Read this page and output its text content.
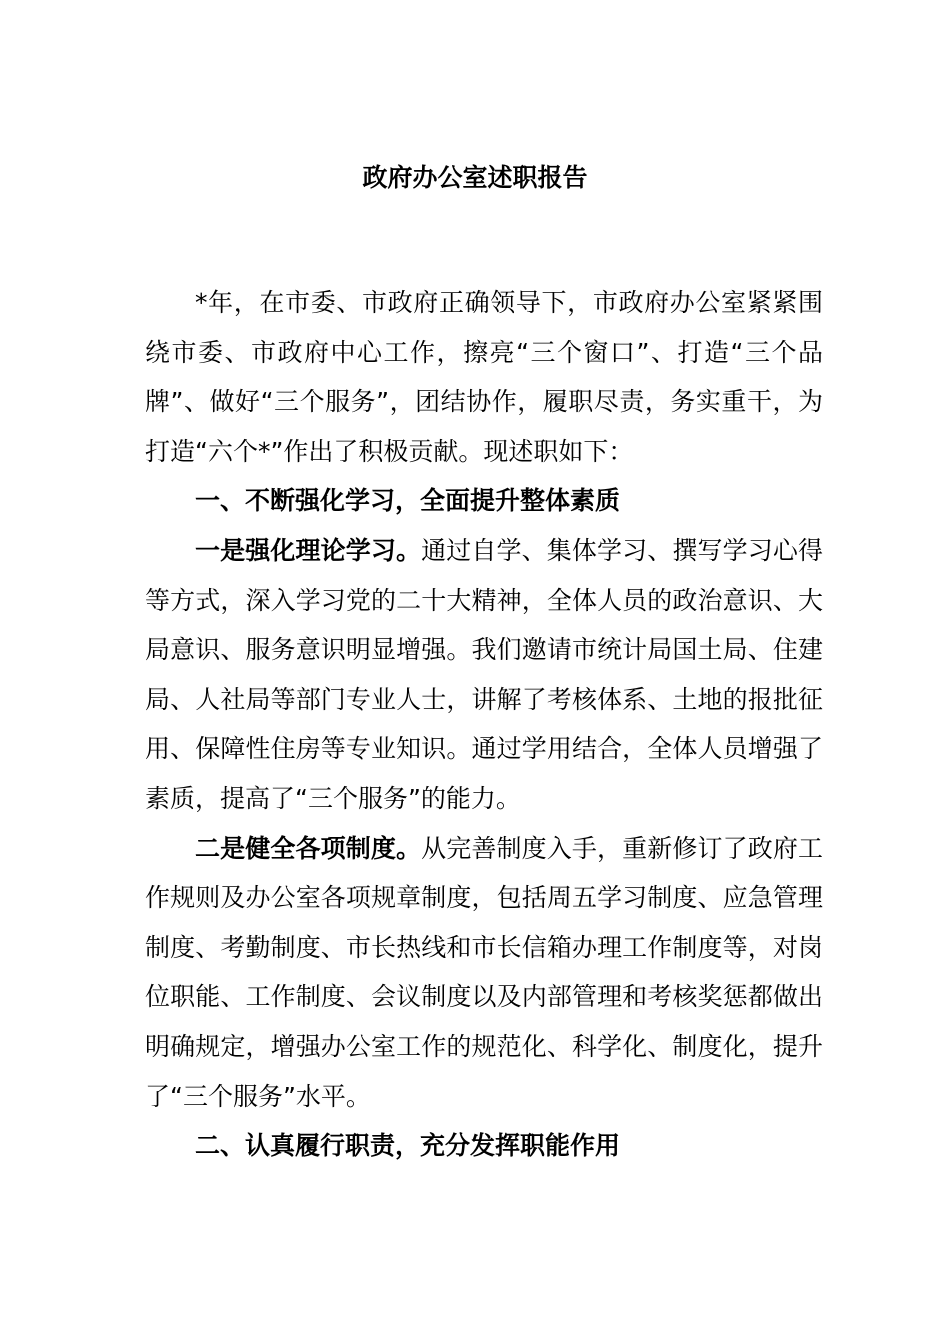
政府办公室述职报告

*年，在市委、市政府正确领导下，市政府办公室紧紧围绕市委、市政府中心工作，擦亮“三个窗口”、打造“三个品牌”、做好“三个服务”，团结协作，履职尽责，务实重干，为打造“六个*”作出了积极贡献。现述职如下：

一、不断强化学习，全面提升整体素质

一是强化理论学习。通过自学、集体学习、撰写学习心得等方式，深入学习党的二十大精神，全体人员的政治意识、大局意识、服务意识明显增强。我们邀请市统计局国土局、住建局、人社局等部门专业人士，讲解了考核体系、土地的报批征用、保障性住房等专业知识。通过学用结合，全体人员增强了素质，提高了“三个服务”的能力。

二是健全各项制度。从完善制度入手，重新修订了政府工作规则及办公室各项规章制度，包括周五学习制度、应急管理制度、考勤制度、市长热线和市长信箱办理工作制度等，对岗位职能、工作制度、会议制度以及内部管理和考核奖惩都做出明确规定，增强办公室工作的规范化、科学化、制度化，提升了“三个服务”水平。

二、认真履行职责，充分发挥职能作用
